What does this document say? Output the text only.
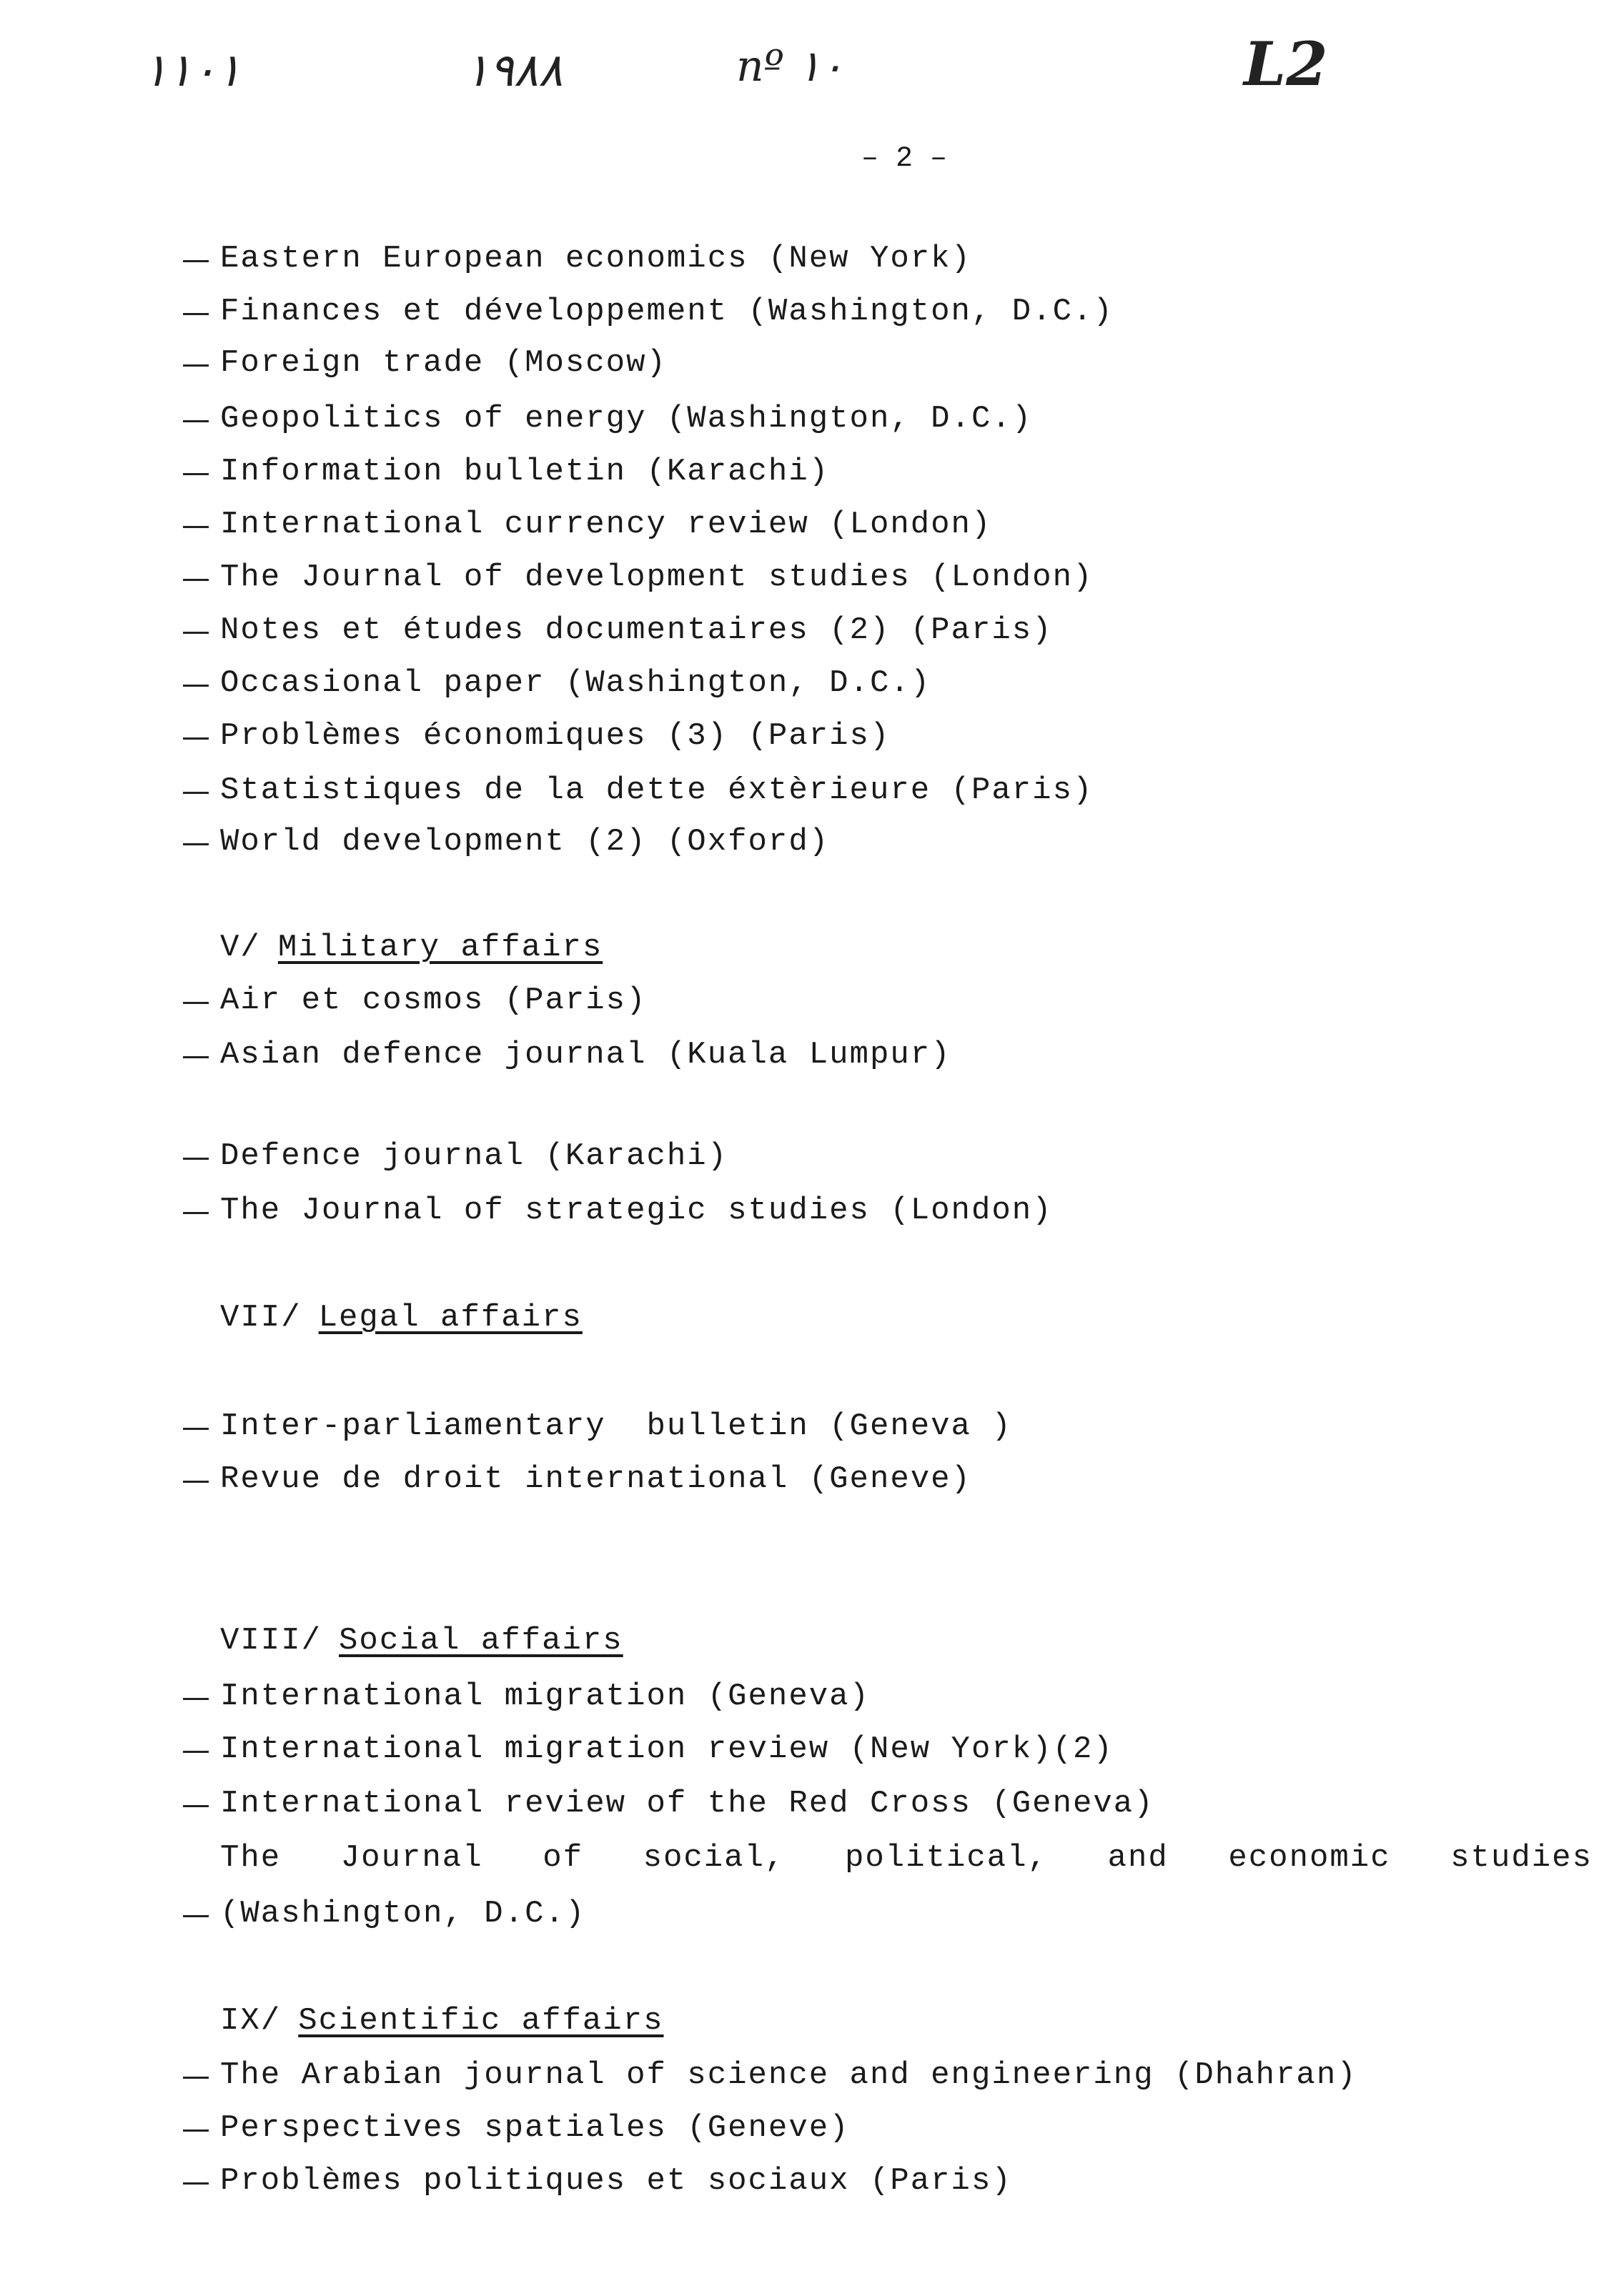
١١٠١	١٩٨٨	nº ١٠	L2
– 2 –
Eastern European economics (New York)
Finances et développement (Washington, D.C.)
Foreign trade (Moscow)
Geopolitics of energy (Washington, D.C.)
Information bulletin (Karachi)
International currency review (London)
The Journal of development studies (London)
Notes et études documentaires (2) (Paris)
Occasional paper (Washington, D.C.)
Problèmes économiques (3) (Paris)
Statistiques de la dette éxtèrieure (Paris)
World development (2) (Oxford)
V/ Military affairs
Air et cosmos (Paris)
Asian defence journal (Kuala Lumpur)
Defence journal (Karachi)
The Journal of strategic studies (London)
VII/ Legal affairs
Inter-parliamentary  bulletin (Geneva )
Revue de droit international (Geneve)
VIII/ Social affairs
International migration (Geneva)
International migration review (New York)(2)
International review of the Red Cross (Geneva)
The Journal of social, political, and economic studies
(Washington, D.C.)
IX/ Scientific affairs
The Arabian journal of science and engineering (Dhahran)
Perspectives spatiales (Geneve)
Problèmes politiques et sociaux (Paris)
